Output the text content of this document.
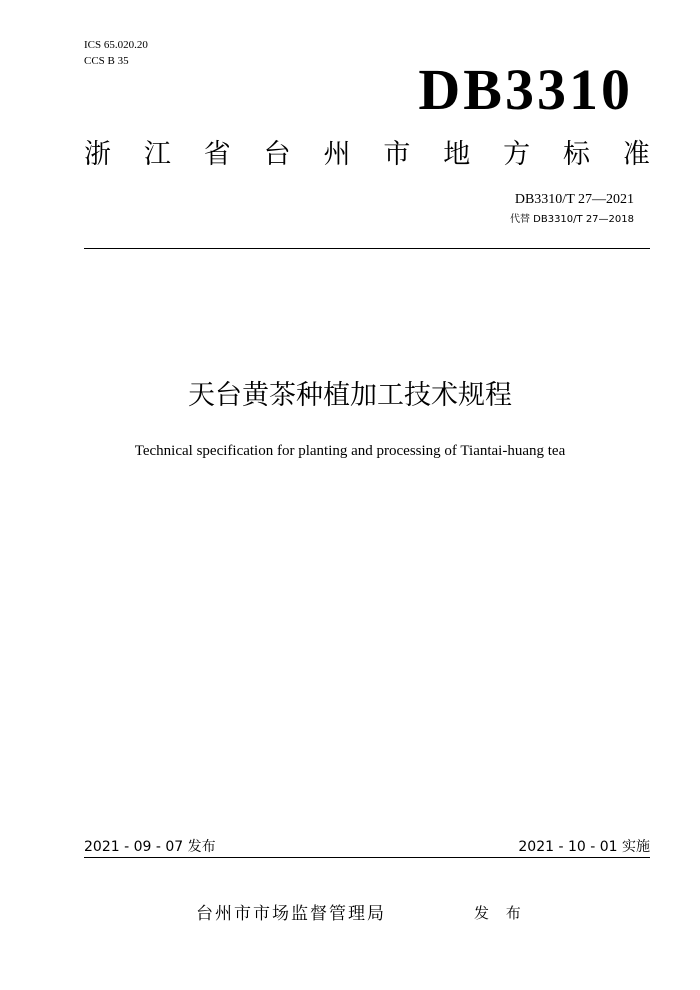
ICS 65.020.20
CCS B 35	DB3310
浙 江 省 台 州 市 地 方 标 准
DB3310/T 27—2021
代替 DB3310/T 27—2018
天台黄茶种植加工技术规程
Technical specification for planting and processing of Tiantai-huang tea
2021 - 09 - 07 发布	2021 - 10 - 01 实施
台州市市场监督管理局	发 布
